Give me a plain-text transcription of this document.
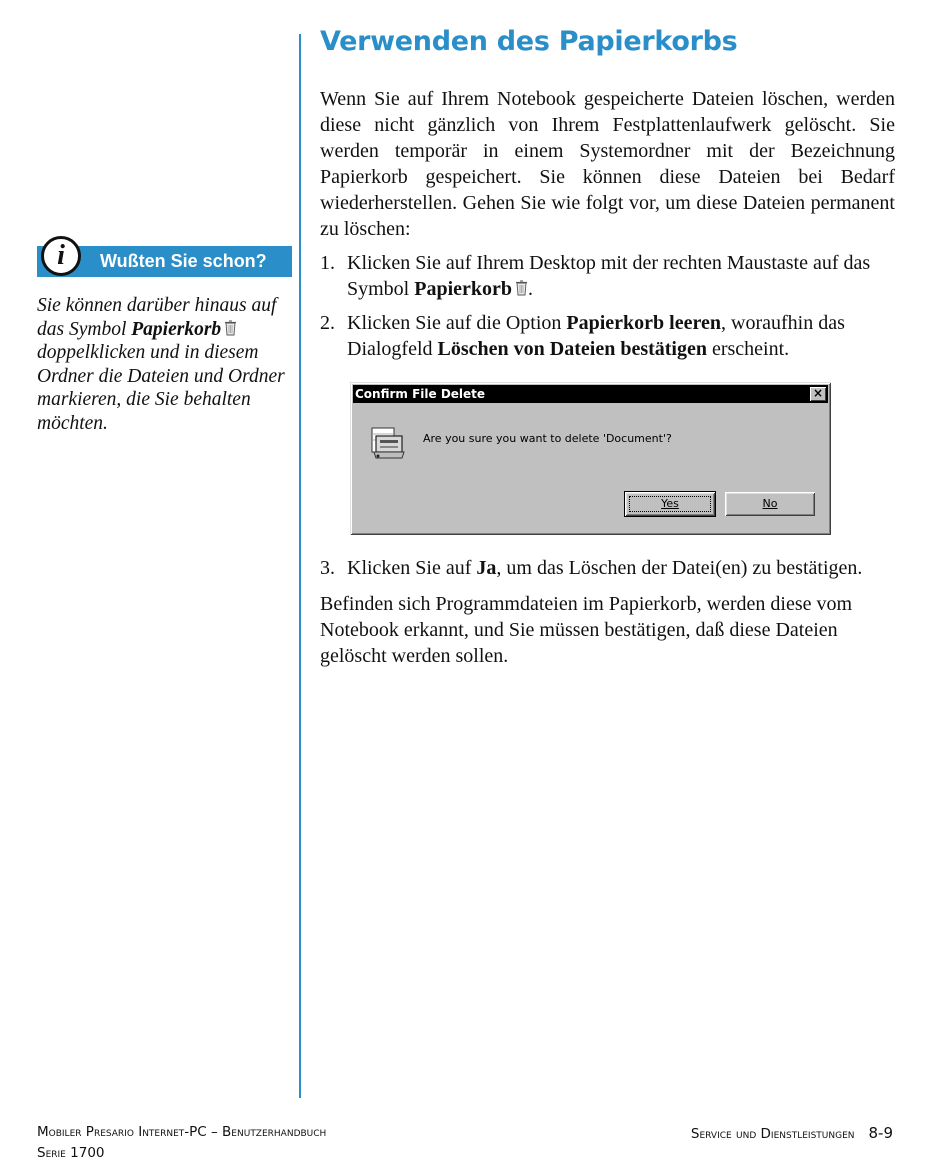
Verwenden des Papierkorbs

Wenn Sie auf Ihrem Notebook gespeicherte Dateien löschen, werden diese nicht gänzlich von Ihrem Festplattenlaufwerk gelöscht. Sie werden temporär in einem Systemordner mit der Bezeichnung Papierkorb gespeichert. Sie können diese Dateien bei Bedarf wiederherstellen. Gehen Sie wie folgt vor, um diese Dateien permanent zu löschen:

1. Klicken Sie auf Ihrem Desktop mit der rechten Maustaste auf das Symbol Papierkorb .

2. Klicken Sie auf die Option Papierkorb leeren, woraufhin das Dialogfeld Löschen von Dateien bestätigen erscheint.

Confirm File Delete	×
Are you sure you want to delete 'Document'?
Yes	No

3. Klicken Sie auf Ja, um das Löschen der Datei(en) zu bestätigen.

Befinden sich Programmdateien im Papierkorb, werden diese vom Notebook erkannt, und Sie müssen bestätigen, daß diese Dateien gelöscht werden sollen.

i	Wußten Sie schon?

Sie können darüber hinaus auf das Symbol Papierkorb doppelklicken und in diesem Ordner die Dateien und Ordner markieren, die Sie behalten möchten.

Mobiler Presario Internet-PC – Benutzerhandbuch
Serie 1700
Service und Dienstleistungen 8-9
